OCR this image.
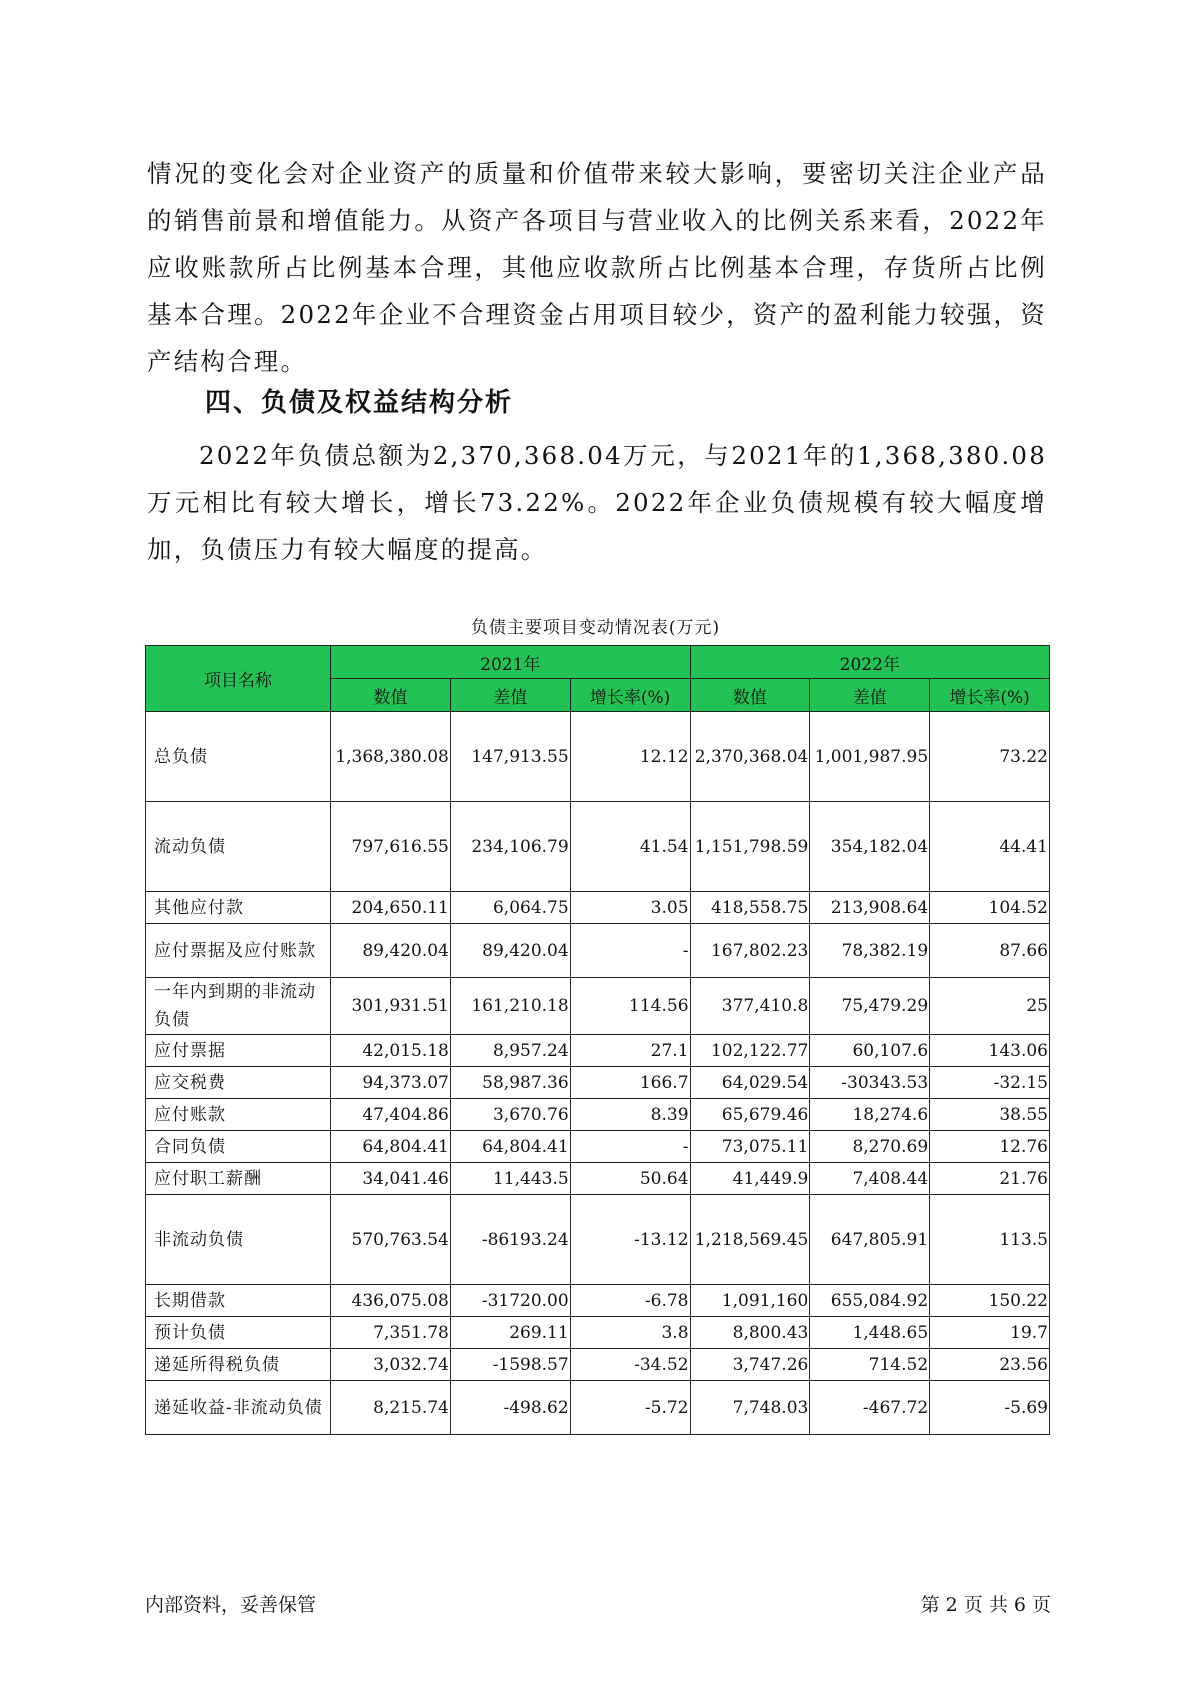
情况的变化会对企业资产的质量和价值带来较大影响，要密切关注企业产品的销售前景和增值能力。从资产各项目与营业收入的比例关系来看，2022年应收账款所占比例基本合理，其他应收款所占比例基本合理，存货所占比例基本合理。2022年企业不合理资金占用项目较少，资产的盈利能力较强，资产结构合理。

四、负债及权益结构分析

2022年负债总额为2,370,368.04万元，与2021年的1,368,380.08万元相比有较大增长，增长73.22%。2022年企业负债规模有较大幅度增加，负债压力有较大幅度的提高。

负债主要项目变动情况表(万元)
项目名称	2021年			2022年		
	数值	差值	增长率(%)	数值	差值	增长率(%)
总负债	1,368,380.08	147,913.55	12.12	2,370,368.04	1,001,987.95	73.22
流动负债	797,616.55	234,106.79	41.54	1,151,798.59	354,182.04	44.41
其他应付款	204,650.11	6,064.75	3.05	418,558.75	213,908.64	104.52
应付票据及应付账款	89,420.04	89,420.04	-	167,802.23	78,382.19	87.66
一年内到期的非流动负债	301,931.51	161,210.18	114.56	377,410.8	75,479.29	25
应付票据	42,015.18	8,957.24	27.1	102,122.77	60,107.6	143.06
应交税费	94,373.07	58,987.36	166.7	64,029.54	-30343.53	-32.15
应付账款	47,404.86	3,670.76	8.39	65,679.46	18,274.6	38.55
合同负债	64,804.41	64,804.41	-	73,075.11	8,270.69	12.76
应付职工薪酬	34,041.46	11,443.5	50.64	41,449.9	7,408.44	21.76
非流动负债	570,763.54	-86193.24	-13.12	1,218,569.45	647,805.91	113.5
长期借款	436,075.08	-31720.00	-6.78	1,091,160	655,084.92	150.22
预计负债	7,351.78	269.11	3.8	8,800.43	1,448.65	19.7
递延所得税负债	3,032.74	-1598.57	-34.52	3,747.26	714.52	23.56
递延收益-非流动负债	8,215.74	-498.62	-5.72	7,748.03	-467.72	-5.69
内部资料，妥善保管	第 2 页 共 6 页
